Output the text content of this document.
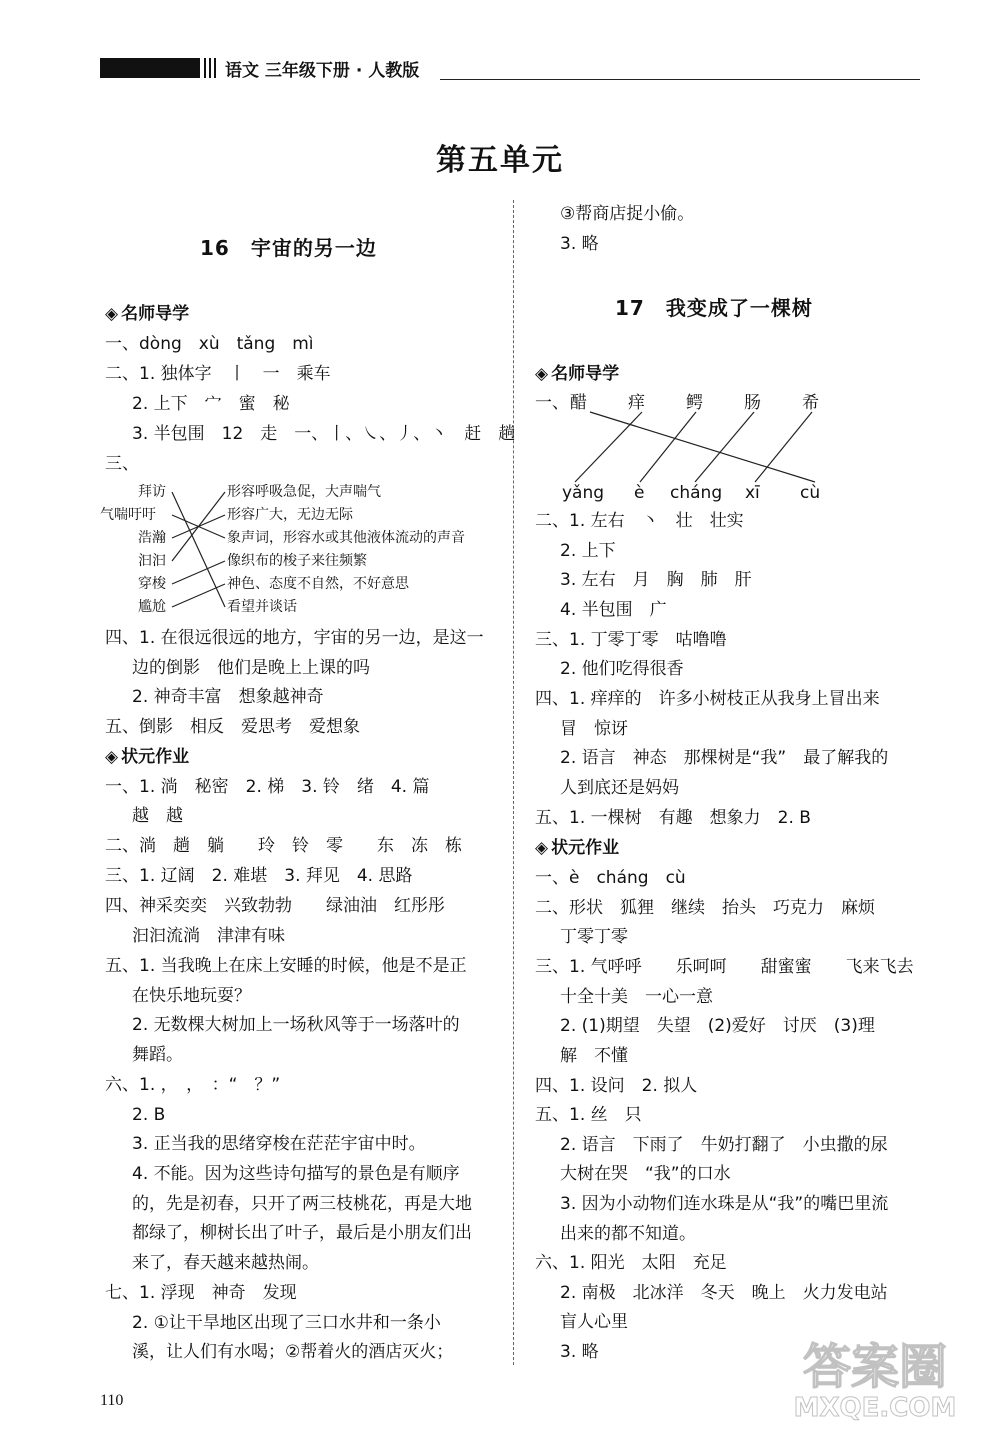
语文 三年级下册 · 人教版
第五单元
16　宇宙的另一边
◈ 名师导学
一、dòng　xù　tǎng　mì
二、1. 独体字　丨　一　乘车
2. 上下　宀　蜜　秘
3. 半包围　12　走　一、丨、㇏、丿、丶　赶　趟
三、
拜访
气喘吁吁
浩瀚
汩汩
穿梭
尴尬
形容呼吸急促，大声喘气
形容广大，无边无际
象声词，形容水或其他液体流动的声音
像织布的梭子来往频繁
神色、态度不自然，不好意思
看望并谈话
四、1. 在很远很远的地方，宇宙的另一边，是这一
边的倒影　他们是晚上上课的吗
2. 神奇丰富　想象越神奇
五、倒影　相反　爱思考　爱想象
◈ 状元作业
一、1. 淌　秘密　2. 梯　3. 铃　绪　4. 篇
越　越
二、淌　趟　躺　　玲　铃　零　　东　冻　栋
三、1. 辽阔　2. 难堪　3. 拜见　4. 思路
四、神采奕奕　兴致勃勃　　绿油油　红彤彤
汩汩流淌　津津有味
五、1. 当我晚上在床上安睡的时候，他是不是正
在快乐地玩耍？
2. 无数棵大树加上一场秋风等于一场落叶的
舞蹈。
六、1. ，　，　：“　？”
2. B
3. 正当我的思绪穿梭在茫茫宇宙中时。
4. 不能。因为这些诗句描写的景色是有顺序
的，先是初春，只开了两三枝桃花，再是大地
都绿了，柳树长出了叶子，最后是小朋友们出
来了，春天越来越热闹。
七、1. 浮现　神奇　发现
2. ①让干旱地区出现了三口水井和一条小
溪，让人们有水喝；②帮着火的酒店灭火；
③帮商店捉小偷。
3. 略
17　我变成了一棵树
◈ 名师导学
一、 醋 痒 鳄 肠 希
yǎng è cháng xī cù
二、1. 左右　丶　壮　壮实
2. 上下
3. 左右　月　胸　肺　肝
4. 半包围　广
三、1. 丁零丁零　咕噜噜
2. 他们吃得很香
四、1. 痒痒的　许多小树枝正从我身上冒出来
冒　惊讶
2. 语言　神态　那棵树是“我”　最了解我的
人到底还是妈妈
五、1. 一棵树　有趣　想象力　2. B
◈ 状元作业
一、è　cháng　cù
二、形状　狐狸　继续　抬头　巧克力　麻烦
丁零丁零
三、1. 气呼呼　　乐呵呵　　甜蜜蜜　　飞来飞去
十全十美　一心一意
2. (1)期望　失望　(2)爱好　讨厌　(3)理
解　不懂
四、1. 设问　2. 拟人
五、1. 丝　只
2. 语言　下雨了　牛奶打翻了　小虫撒的尿
大树在哭　“我”的口水
3. 因为小动物们连水珠是从“我”的嘴巴里流
出来的都不知道。
六、1. 阳光　太阳　充足
2. 南极　北冰洋　冬天　晚上　火力发电站
盲人心里
3. 略
110
答案圈
MXQE.COM
